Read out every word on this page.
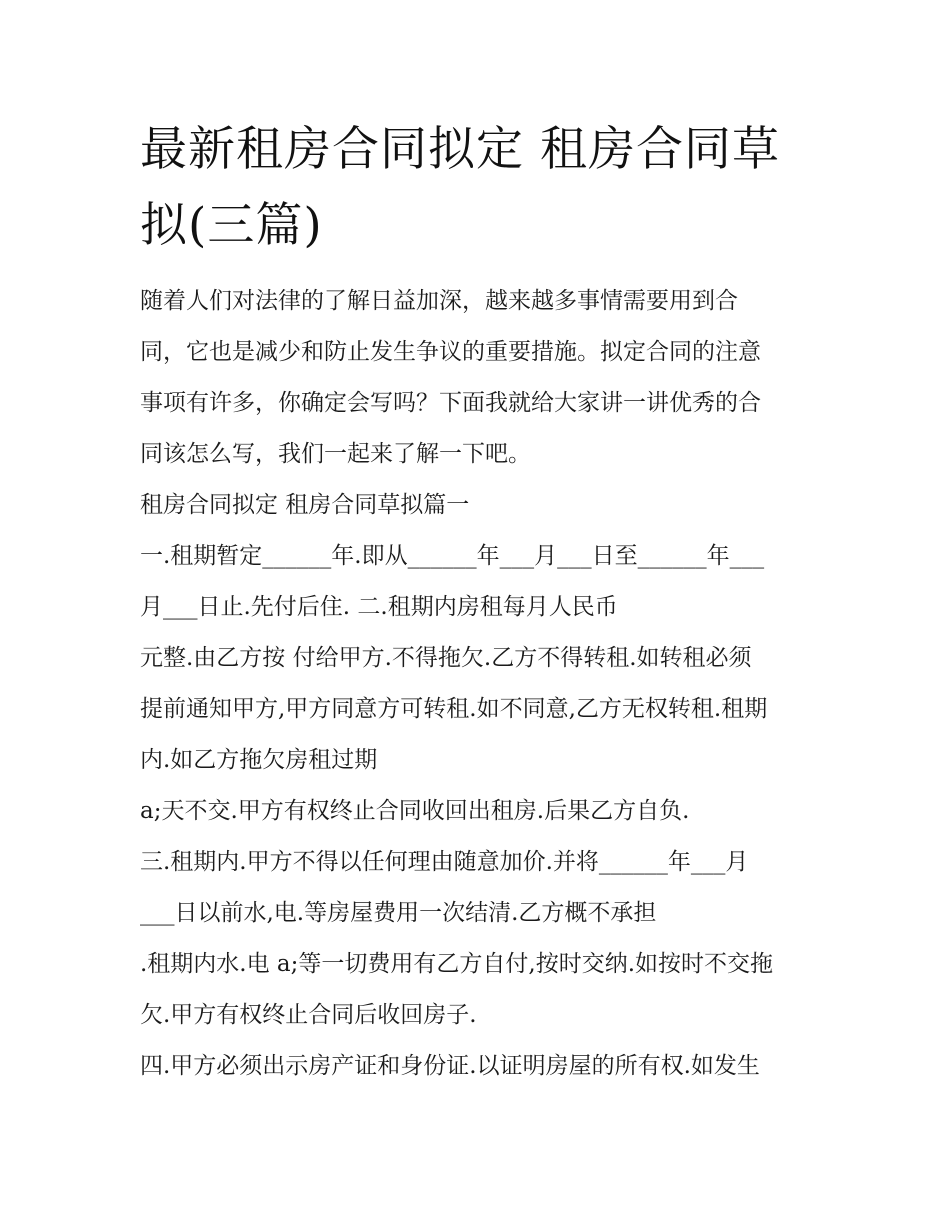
最新租房合同拟定 租房合同草
拟(三篇)
随着人们对法律的了解日益加深，越来越多事情需要用到合
同，它也是减少和防止发生争议的重要措施。拟定合同的注意
事项有许多，你确定会写吗？下面我就给大家讲一讲优秀的合
同该怎么写，我们一起来了解一下吧。
租房合同拟定 租房合同草拟篇一
一.租期暂定______年.即从______年___月___日至______年___
月___日止.先付后住. 二.租期内房租每月人民币
元整.由乙方按 付给甲方.不得拖欠.乙方不得转租.如转租必须
提前通知甲方,甲方同意方可转租.如不同意,乙方无权转租.租期
内.如乙方拖欠房租过期
a;天不交.甲方有权终止合同收回出租房.后果乙方自负.
三.租期内.甲方不得以任何理由随意加价.并将______年___月
___日以前水,电.等房屋费用一次结清.乙方概不承担
.租期内水.电 a;等一切费用有乙方自付,按时交纳.如按时不交拖
欠.甲方有权终止合同后收回房子.
四.甲方必须出示房产证和身份证.以证明房屋的所有权.如发生
